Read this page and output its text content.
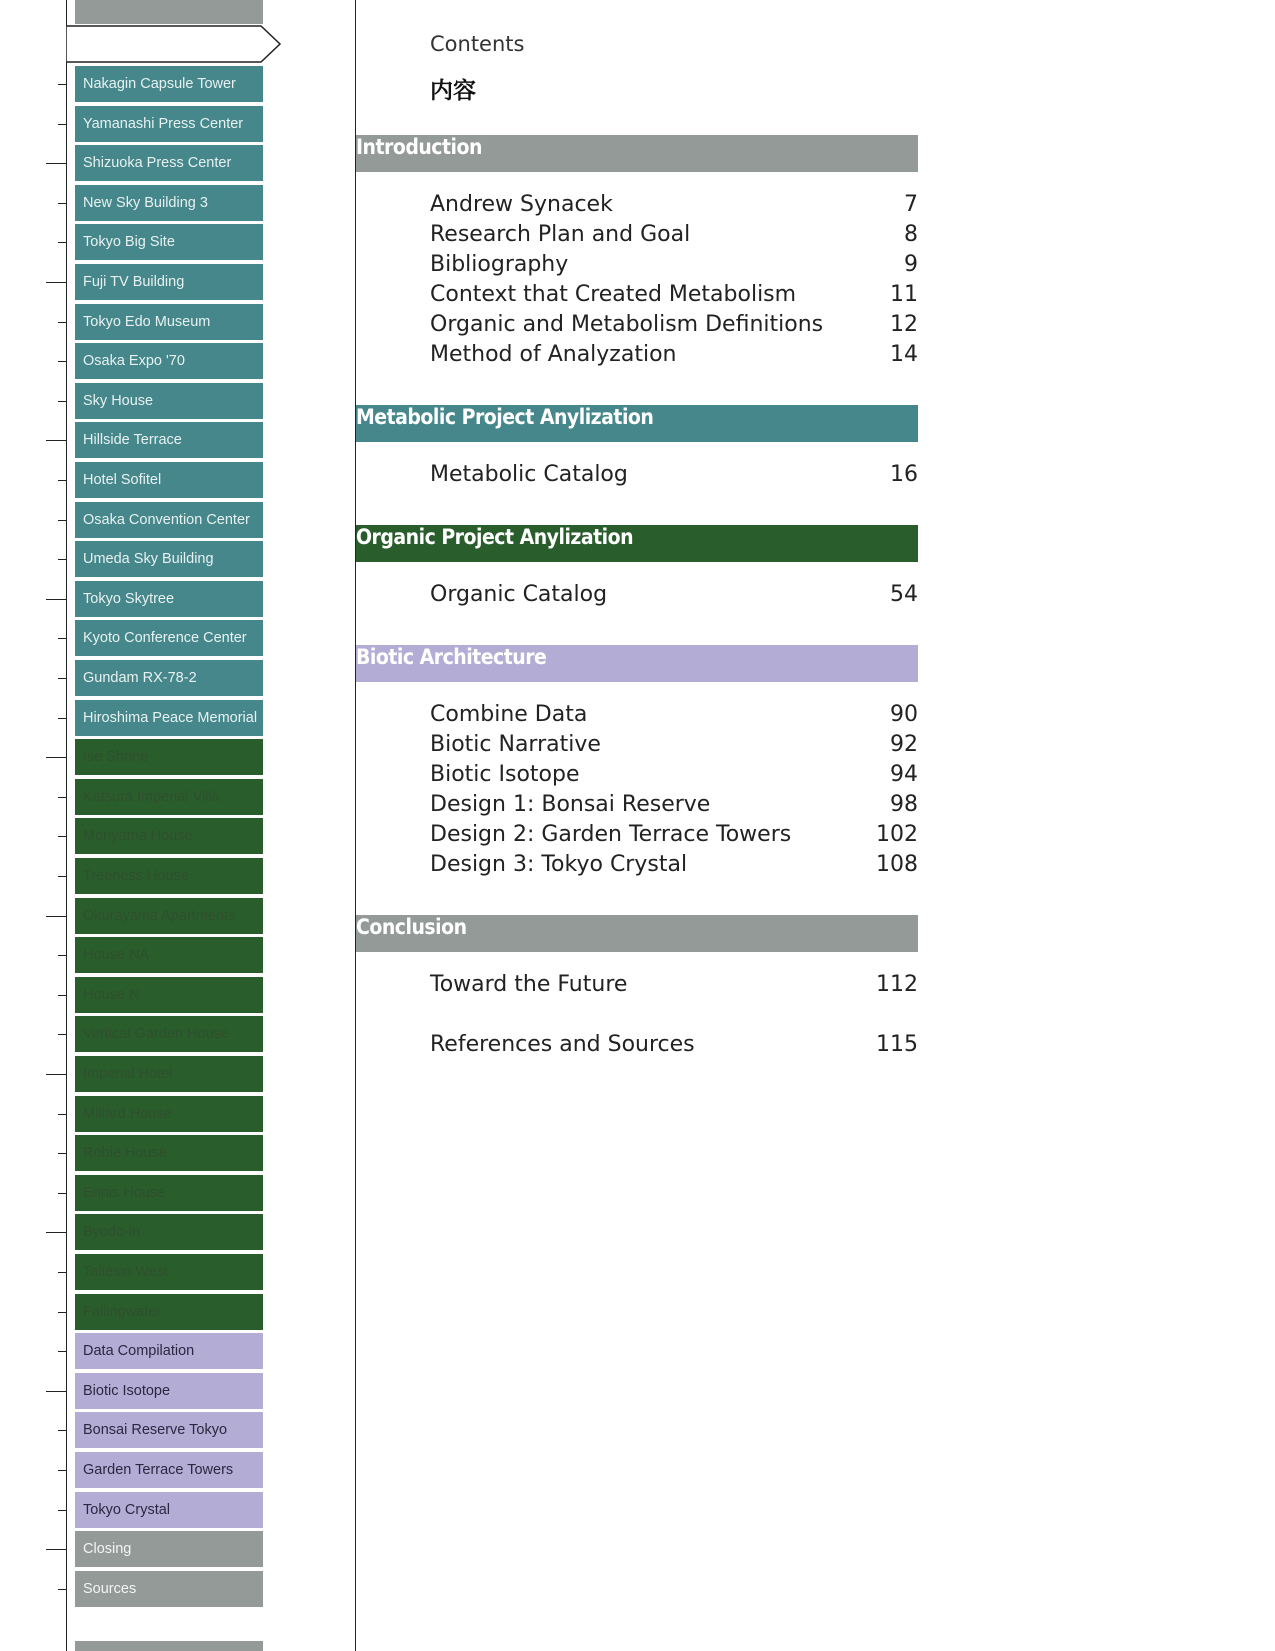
Nakagin Capsule Tower
Yamanashi Press Center
Shizuoka Press Center
New Sky Building 3
Tokyo Big Site
Fuji TV Building
Tokyo Edo Museum
Osaka Expo '70
Sky House
Hillside Terrace
Hotel Sofitel
Osaka Convention Center
Umeda Sky Building
Tokyo Skytree
Kyoto Conference Center
Gundam RX-78-2
Hiroshima Peace Memorial
Ise Shrine
Katsura Imperial Villa
Moriyama House
Treeness House
Okurayama Apartments
House NA
House N
Vertical Garden House
Imperial Hotel
Millard House
Robie House
Ennis House
Byodo-in
Taliesin West
Fallingwater
Data Compilation
Biotic Isotope
Bonsai Reserve Tokyo
Garden Terrace Towers
Tokyo Crystal
Closing
Sources
Contents
内容
Introduction
Andrew Synacek	7
Research Plan and Goal	8
Bibliography	9
Context that Created Metabolism	11
Organic and Metabolism Definitions	12
Method of Analyzation	14
Metabolic Project Anylization
Metabolic Catalog	16
Organic Project Anylization
Organic Catalog	54
Biotic Architecture
Combine Data	90
Biotic Narrative	92
Biotic Isotope	94
Design 1: Bonsai Reserve	98
Design 2: Garden Terrace Towers	102
Design 3: Tokyo Crystal	108
Conclusion
Toward the Future	112
References and Sources	115
